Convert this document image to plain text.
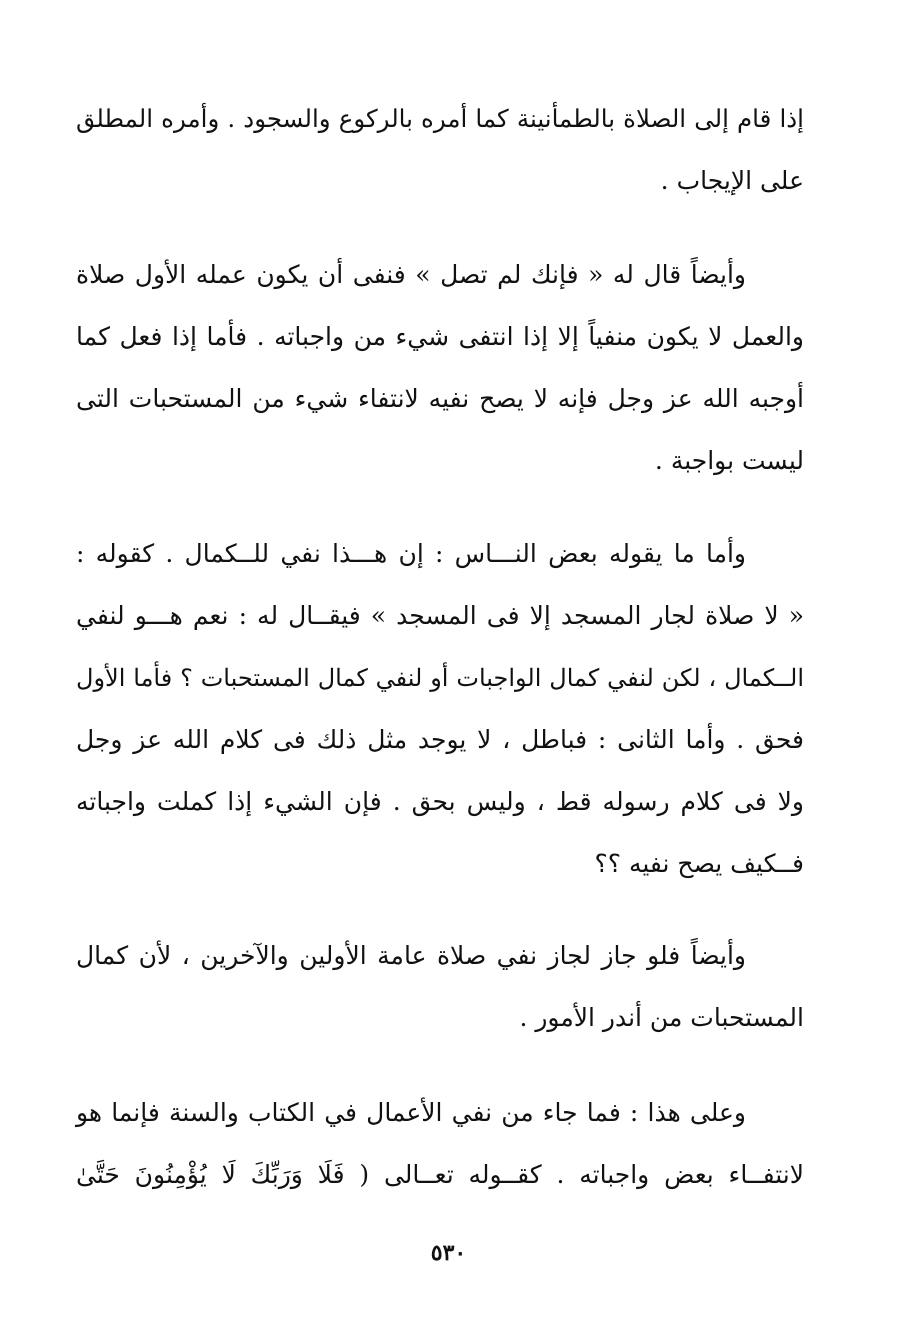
إذا قام إلى الصلاة بالطمأنينة كما أمره بالركوع والسجود . وأمره المطلق
على الإيجاب .
وأيضاً قال له « فإنك لم تصل » فنفى أن يكون عمله الأول صلاة
والعمل لا يكون منفياً إلا إذا انتفى شيء من واجباته . فأما إذا فعل كما
أوجبه الله عز وجل فإنه لا يصح نفيه لانتفاء شيء من المستحبات التى
ليست بواجبة .
وأما ما يقوله بعض النـــاس : إن هـــذا نفي للــكمال . كقوله :
« لا صلاة لجار المسجد إلا فى المسجد » فيقــال له : نعم هـــو لنفي
الــكمال ، لكن لنفي كمال الواجبات أو لنفي كمال المستحبات ؟ فأما الأول
فحق . وأما الثانى : فباطل ، لا يوجد مثل ذلك فى كلام الله عز وجل
ولا فى كلام رسوله قط ، وليس بحق . فإن الشيء إذا كملت واجباته
فــكيف يصح نفيه ؟؟
وأيضاً فلو جاز لجاز نفي صلاة عامة الأولين والآخرين ، لأن كمال
المستحبات من أندر الأمور .
وعلى هذا : فما جاء من نفي الأعمال في الكتاب والسنة فإنما هو
لانتفــاء بعض واجباته . كقــوله تعــالى ( فَلَا وَرَبِّكَ لَا يُؤْمِنُونَ حَتَّىٰ
٥٣٠
